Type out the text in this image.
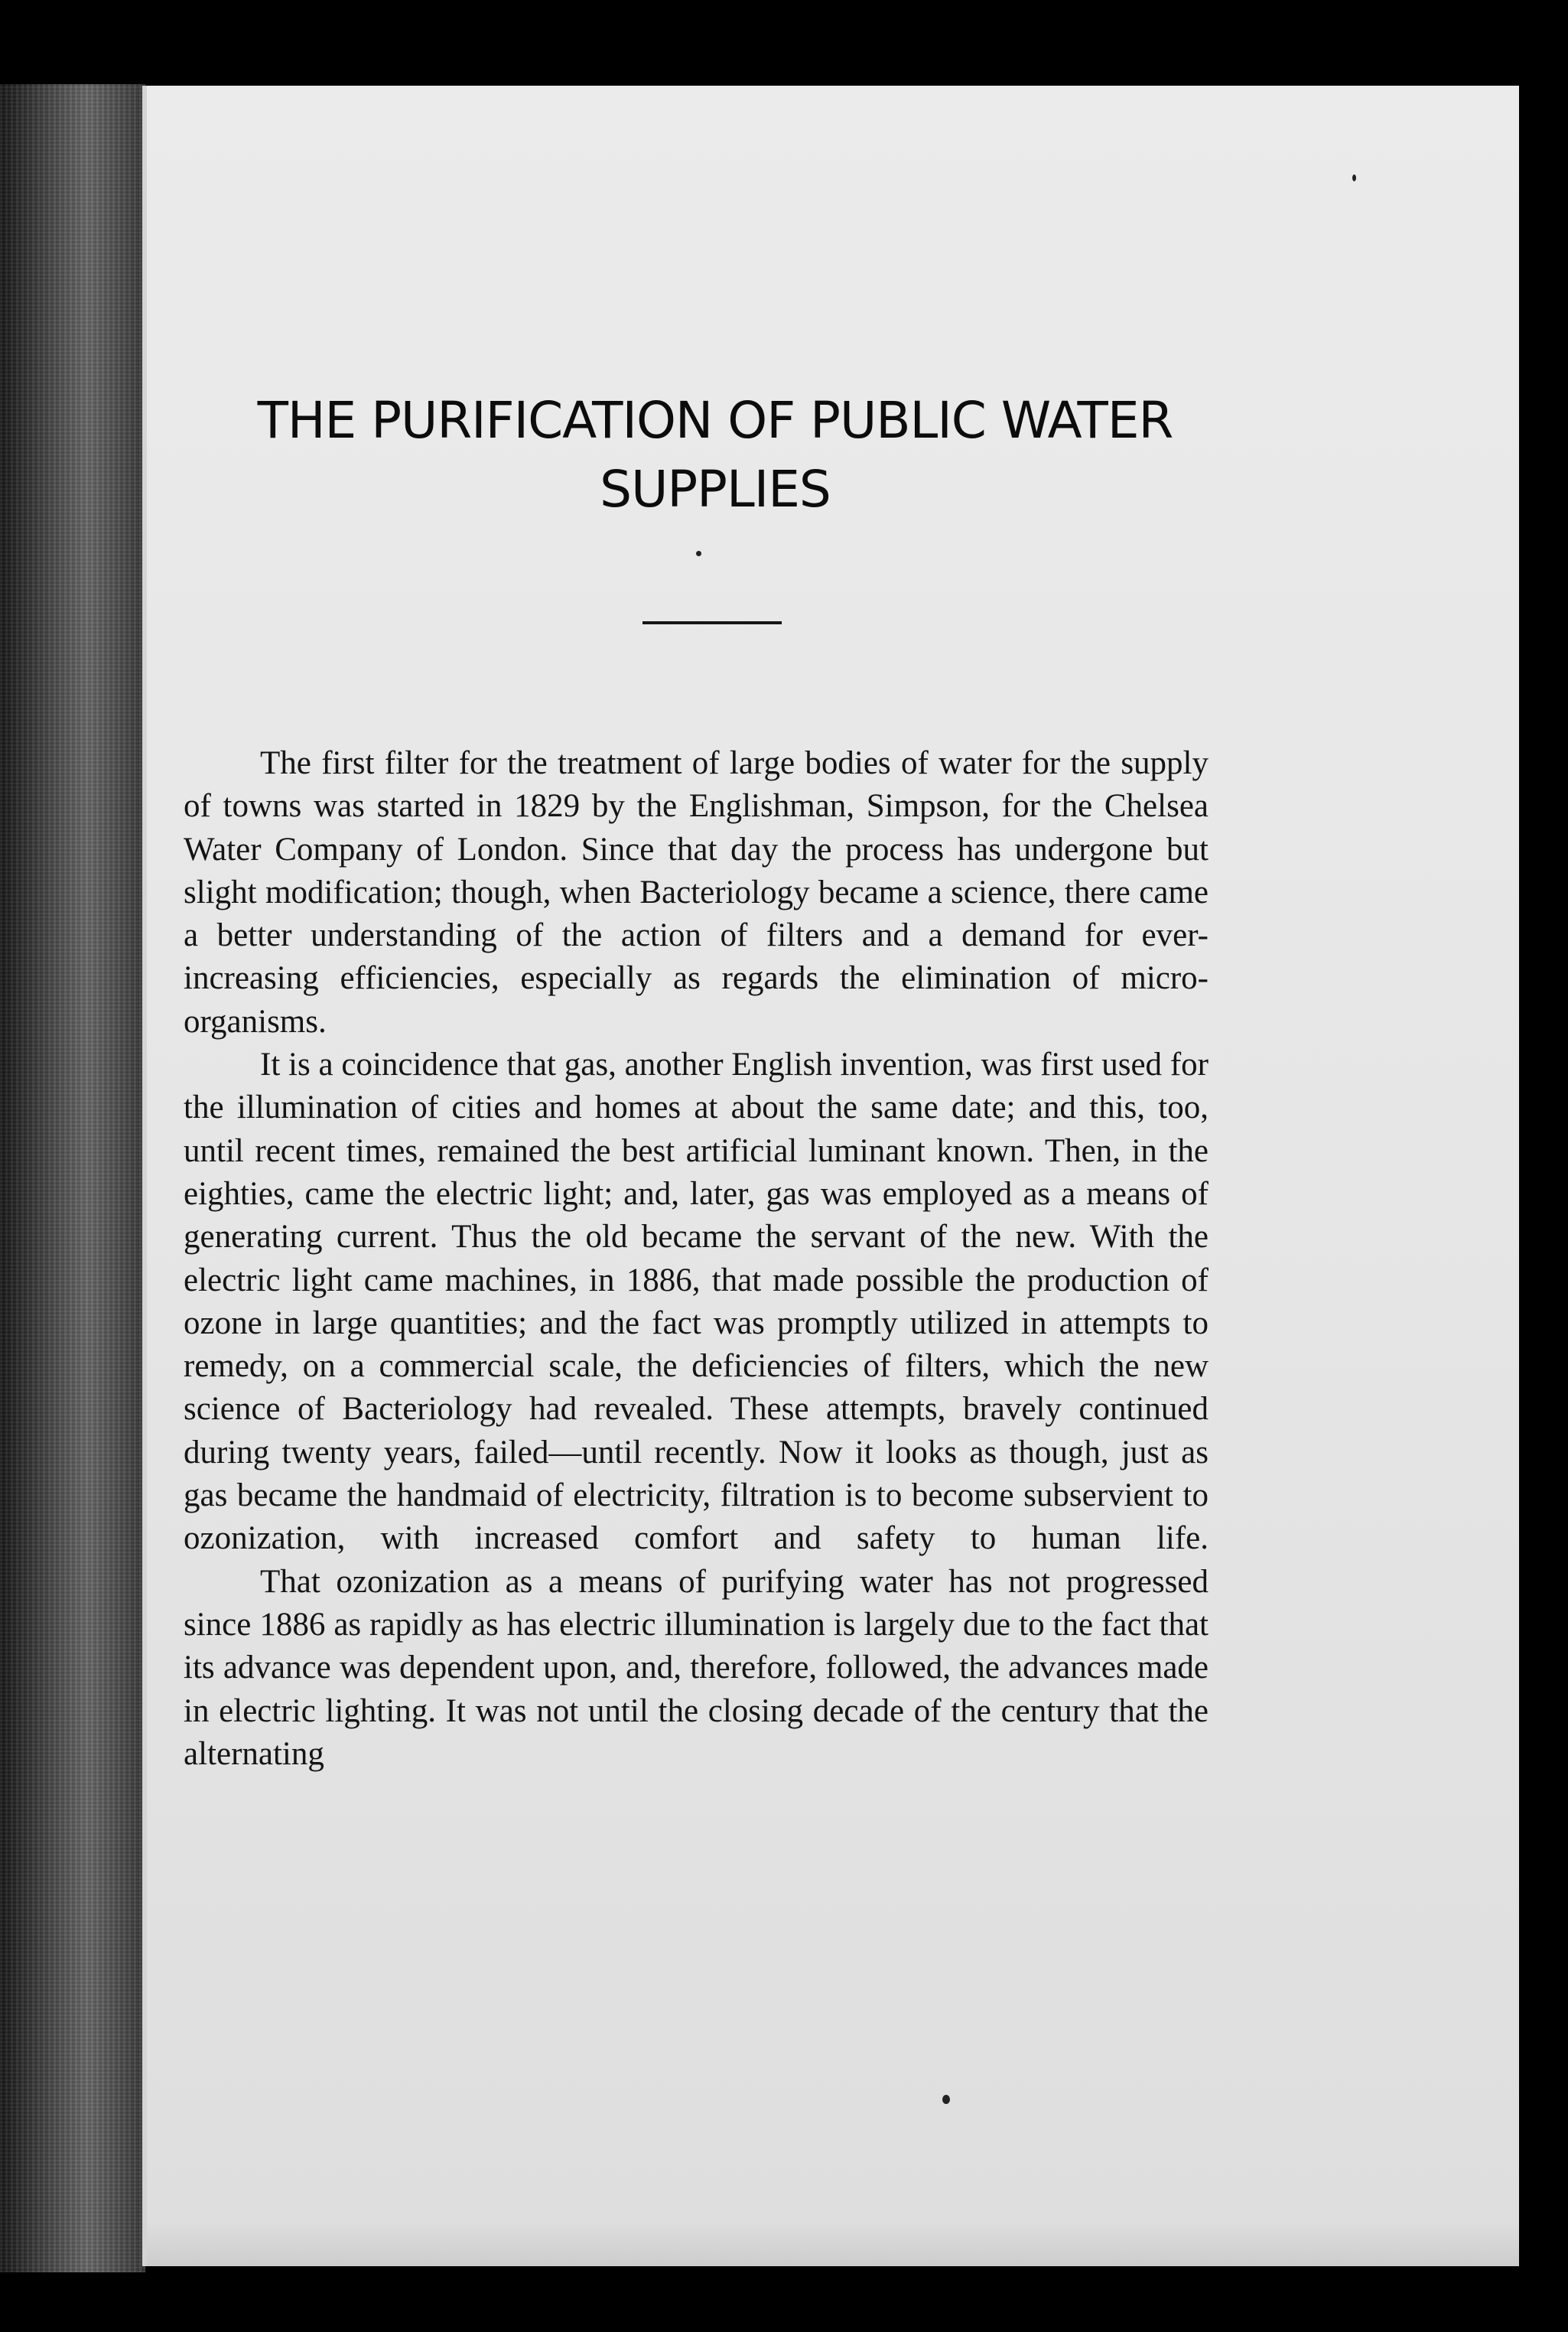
THE PURIFICATION OF PUBLIC WATER
SUPPLIES

The first filter for the treatment of large bodies of water for the supply of towns was started in 1829 by the Englishman, Simpson, for the Chelsea Water Company of London. Since that day the process has undergone but slight modification; though, when Bacteriology became a science, there came a better understanding of the action of filters and a demand for ever-increasing efficiencies, especially as regards the elimination of micro-organisms.

It is a coincidence that gas, another English invention, was first used for the illumination of cities and homes at about the same date; and this, too, until recent times, remained the best artificial luminant known. Then, in the eighties, came the electric light; and, later, gas was employed as a means of generating current. Thus the old became the servant of the new. With the electric light came machines, in 1886, that made possible the production of ozone in large quantities; and the fact was promptly utilized in attempts to remedy, on a commercial scale, the deficiencies of filters, which the new science of Bacteriology had revealed. These attempts, bravely continued during twenty years, failed—until recently. Now it looks as though, just as gas became the handmaid of electricity, filtration is to become subservient to ozonization, with increased comfort and safety to human life.

That ozonization as a means of purifying water has not progressed since 1886 as rapidly as has electric illumination is largely due to the fact that its advance was dependent upon, and, therefore, followed, the advances made in electric lighting. It was not until the closing decade of the century that the alternating
